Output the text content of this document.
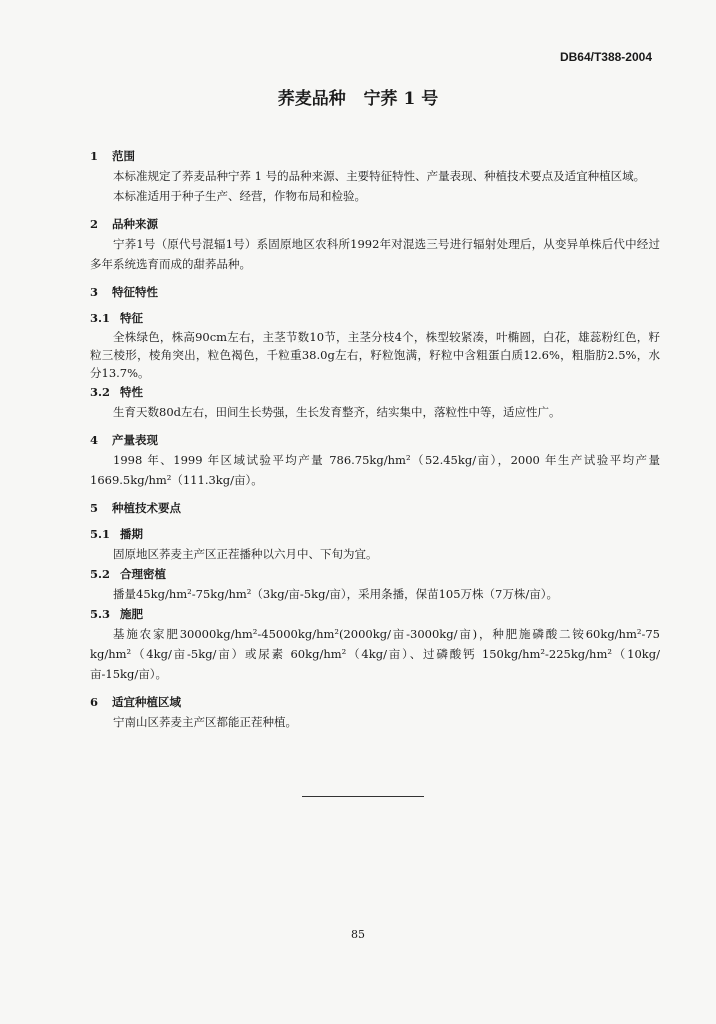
DB64/T388-2004
荞麦品种   宁荞 1 号
1 范围
本标准规定了荞麦品种宁荞 1 号的品种来源、主要特征特性、产量表现、种植技术要点及适宜种植区域。
本标准适用于种子生产、经营，作物布局和检验。
2 品种来源
宁荞1号（原代号混辐1号）系固原地区农科所1992年对混选三号进行辐射处理后，从变异单株后代中经过多年系统选育而成的甜荞品种。
3 特征特性
3.1 特征
全株绿色，株高90cm左右，主茎节数10节，主茎分枝4个，株型较紧凑，叶椭圆，白花，雄蕊粉红色，籽粒三棱形，棱角突出，粒色褐色，千粒重38.0g左右，籽粒饱满，籽粒中含粗蛋白质12.6%，粗脂肪2.5%，水分13.7%。
3.2 特性
生育天数80d左右，田间生长势强，生长发育整齐，结实集中，落粒性中等，适应性广。
4 产量表现
1998 年、1999 年区域试验平均产量 786.75kg/hm²（52.45kg/亩），2000 年生产试验平均产量 1669.5kg/hm²（111.3kg/亩）。
5 种植技术要点
5.1 播期
固原地区荞麦主产区正茬播种以六月中、下旬为宜。
5.2 合理密植
播量45kg/hm²-75kg/hm²（3kg/亩-5kg/亩），采用条播，保苗105万株（7万株/亩）。
5.3 施肥
基施农家肥30000kg/hm²-45000kg/hm²(2000kg/亩-3000kg/亩)，种肥施磷酸二铵60kg/hm²-75 kg/hm²（4kg/亩-5kg/亩）或尿素 60kg/hm²（4kg/亩）、过磷酸钙 150kg/hm²-225kg/hm²（10kg/亩-15kg/亩）。
6 适宜种植区域
宁南山区荞麦主产区都能正茬种植。
85
